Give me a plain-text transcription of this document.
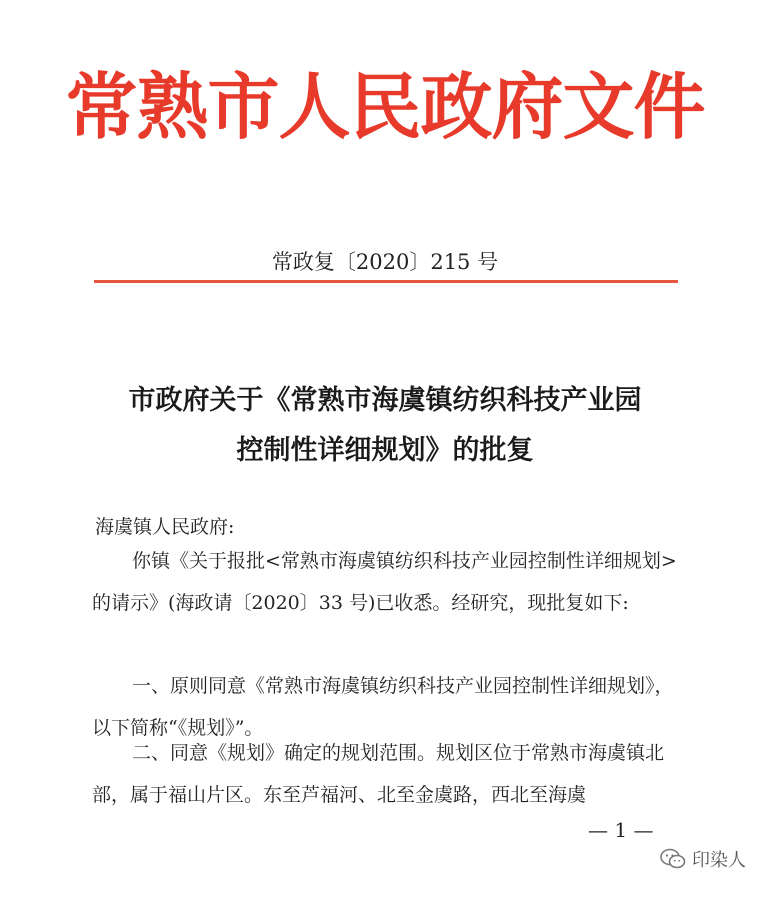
常熟市人民政府文件
常政复〔2020〕215 号
市政府关于《常熟市海虞镇纺织科技产业园
控制性详细规划》的批复
海虞镇人民政府:
你镇《关于报批<常熟市海虞镇纺织科技产业园控制性详细规划>的请示》(海政请〔2020〕33 号)已收悉。经研究，现批复如下:
一、原则同意《常熟市海虞镇纺织科技产业园控制性详细规划》，以下简称“《规划》”。
二、同意《规划》确定的规划范围。规划区位于常熟市海虞镇北部，属于福山片区。东至芦福河、北至金虞路，西北至海虞
— 1 —
印染人
